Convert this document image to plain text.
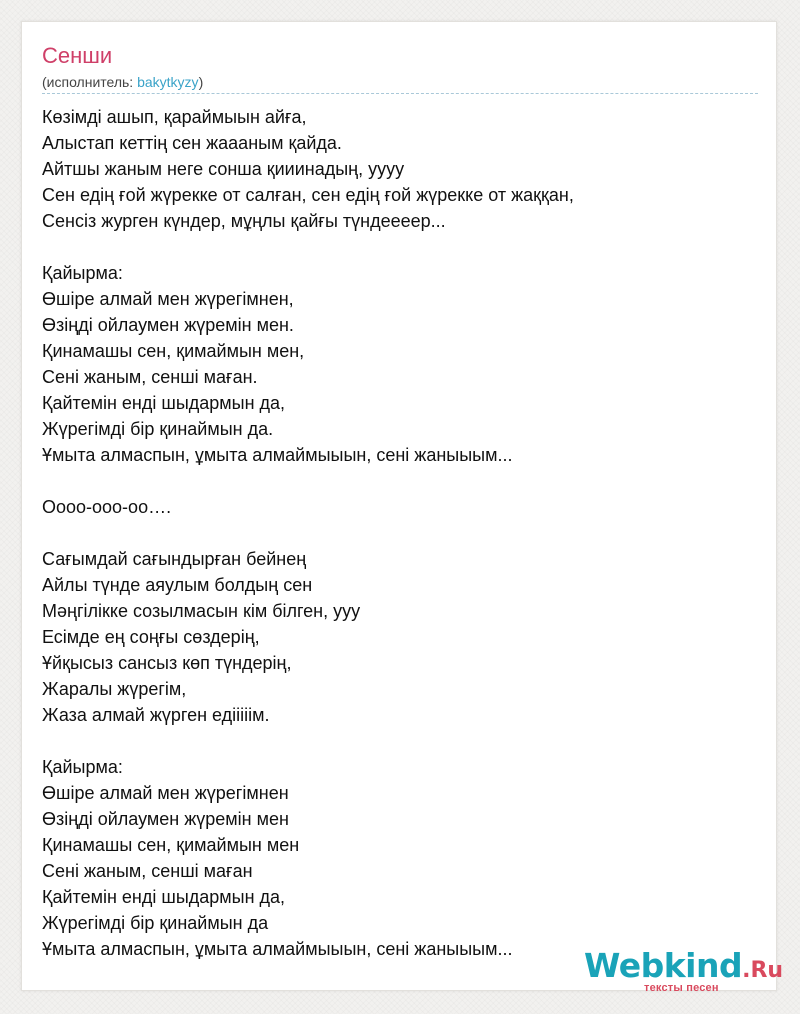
Сенши
(исполнитель: bakytkyzy)
Көзімді ашып, қараймыын айға,
Алыстап кеттің сен жаааным қайда.
Айтшы жаным неге сонша қииинадың, уууу
Сен едің ғой жүрекке от салған, сен едің ғой жүрекке от жаққан,
Сенсіз журген күндер, мұңлы қайғы түндеееер...
Қайырма:
Өшіре алмай мен жүрегімнен,
Өзіңді ойлаумен жүремін мен.
Қинамашы сен, қимаймын мен,
Сені жаным, сенші маған.
Қайтемін енді шыдармын да,
Жүрегімді бір қинаймын да.
Ұмыта алмаспын, ұмыта алмаймыыын, сені жаныыым...
Оооо-ооо-оо….
Сағымдай сағындырған бейнең
Айлы түнде аяулым болдың сен
Мәңгілікке созылмасын кім білген, ууу
Есімде ең соңғы сөздерің,
Ұйқысыз сансыз көп түндерің,
Жаралы жүрегім,
Жаза алмай жүрген едііііім.
Қайырма:
Өшіре алмай мен жүрегімнен
Өзіңді ойлаумен жүремін мен
Қинамашы сен, қимаймын мен
Сені жаным, сенші маған
Қайтемін енді шыдармын да,
Жүрегімді бір қинаймын да
Ұмыта алмаспын, ұмыта алмаймыыын, сені жаныыым...	Webkind.Ru
тексты песен
